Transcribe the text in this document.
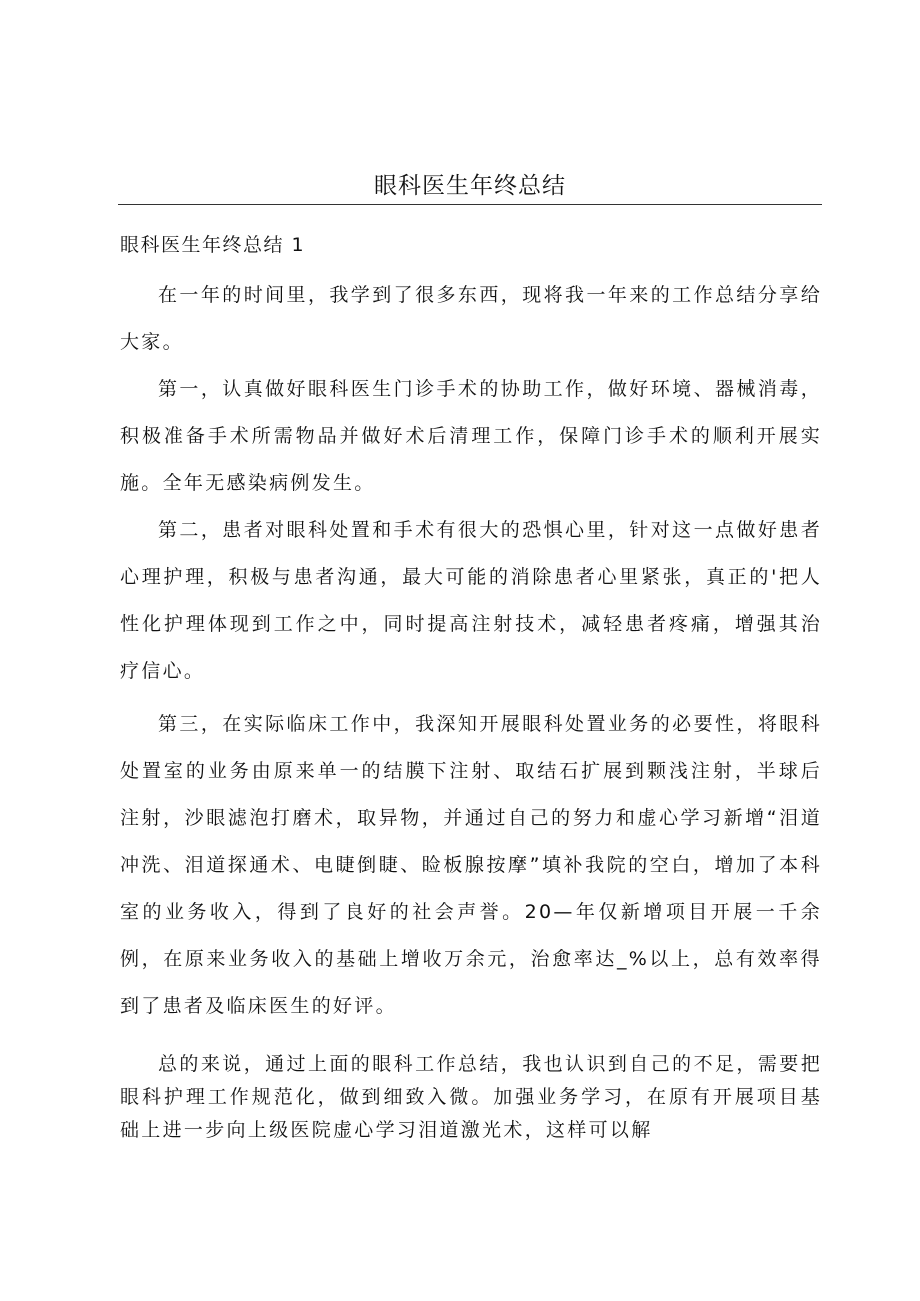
眼科医生年终总结
眼科医生年终总结 1

在一年的时间里，我学到了很多东西，现将我一年来的工作总结分享给大家。

第一，认真做好眼科医生门诊手术的协助工作，做好环境、器械消毒，积极准备手术所需物品并做好术后清理工作，保障门诊手术的顺利开展实施。全年无感染病例发生。

第二，患者对眼科处置和手术有很大的恐惧心里，针对这一点做好患者心理护理，积极与患者沟通，最大可能的消除患者心里紧张，真正的'把人性化护理体现到工作之中，同时提高注射技术，减轻患者疼痛，增强其治疗信心。

第三，在实际临床工作中，我深知开展眼科处置业务的必要性，将眼科处置室的业务由原来单一的结膜下注射、取结石扩展到颗浅注射，半球后注射，沙眼滤泡打磨术，取异物，并通过自己的努力和虚心学习新增“泪道冲洗、泪道探通术、电睫倒睫、睑板腺按摩”填补我院的空白，增加了本科室的业务收入，得到了良好的社会声誉。20—年仅新增项目开展一千余例，在原来业务收入的基础上增收万余元，治愈率达_%以上，总有效率得到了患者及临床医生的好评。

总的来说，通过上面的眼科工作总结，我也认识到自己的不足，需要把眼科护理工作规范化，做到细致入微。加强业务学习，在原有开展项目基础上进一步向上级医院虚心学习泪道激光术，这样可以解
